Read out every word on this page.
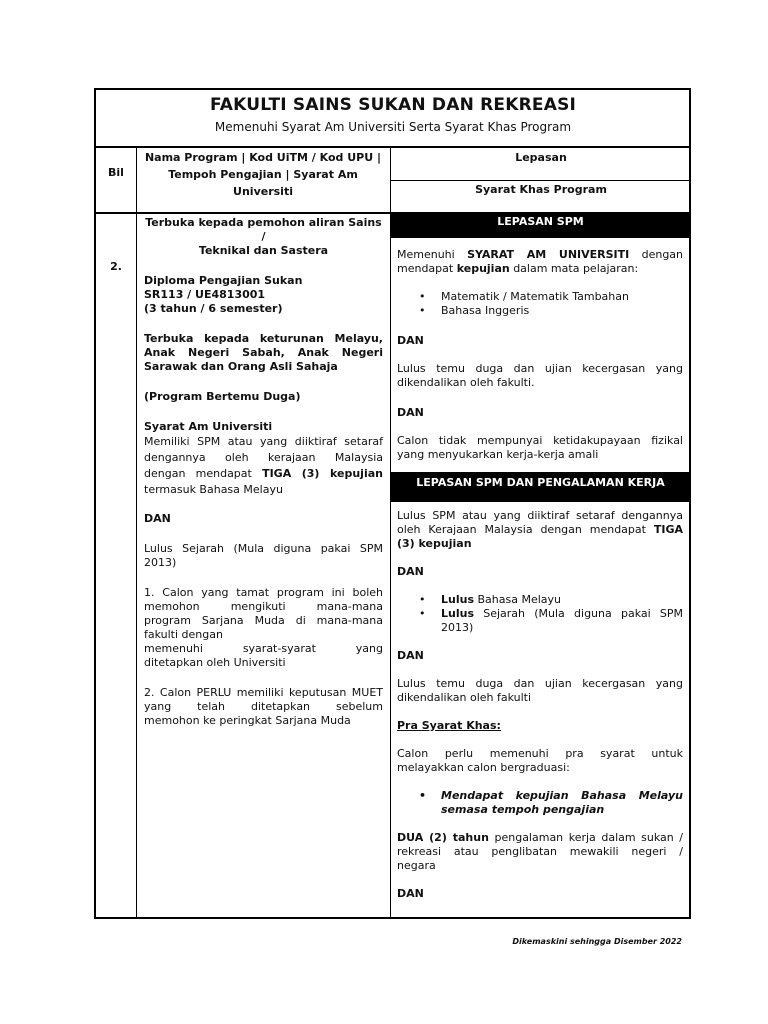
FAKULTI SAINS SUKAN DAN REKREASI
Memenuhi Syarat Am Universiti Serta Syarat Khas Program
Bil

Nama Program | Kod UiTM / Kod UPU |

Tempoh Pengajian | Syarat Am

Universiti

Lepasan
Syarat Khas Program
2.

Terbuka kepada pemohon aliran Sains /

Teknikal dan Sastera

Diploma Pengajian Sukan

SR113 / UE4813001

(3 tahun / 6 semester)

Terbuka kepada keturunan Melayu,

Anak Negeri Sabah, Anak Negeri

Sarawak dan Orang Asli Sahaja

(Program Bertemu Duga)

Syarat Am Universiti

Memiliki SPM atau yang diiktiraf setaraf

dengannya oleh kerajaan Malaysia

dengan mendapat TIGA (3) kepujian

termasuk Bahasa Melayu

DAN

Lulus Sejarah (Mula diguna pakai SPM

2013)

1. Calon yang tamat program ini boleh

memohon mengikuti mana-mana

program Sarjana Muda di mana-mana

fakulti dengan

memenuhi syarat-syarat yang

ditetapkan oleh Universiti

2. Calon PERLU memiliki keputusan MUET

yang telah ditetapkan sebelum

memohon ke peringkat Sarjana Muda

LEPASAN SPM

Memenuhi SYARAT AM UNIVERSITI dengan

mendapat kepujian dalam mata pelajaran:

• Matematik / Matematik Tambahan

• Bahasa Inggeris

DAN

Lulus temu duga dan ujian kecergasan yang

dikendalikan oleh fakulti.

DAN

Calon tidak mempunyai ketidakupayaan fizikal

yang menyukarkan kerja-kerja amali

LEPASAN SPM DAN PENGALAMAN KERJA

Lulus SPM atau yang diiktiraf setaraf dengannya

oleh Kerajaan Malaysia dengan mendapat TIGA

(3) kepujian

DAN

• Lulus Bahasa Melayu

• Lulus Sejarah (Mula diguna pakai SPM

2013)

DAN

Lulus temu duga dan ujian kecergasan yang

dikendalikan oleh fakulti

Pra Syarat Khas:

Calon perlu memenuhi pra syarat untuk

melayakkan calon bergraduasi:

• Mendapat kepujian Bahasa Melayu

semasa tempoh pengajian

DUA (2) tahun pengalaman kerja dalam sukan /

rekreasi atau penglibatan mewakili negeri /

negara

DAN

Dikemaskini sehingga Disember 2022
